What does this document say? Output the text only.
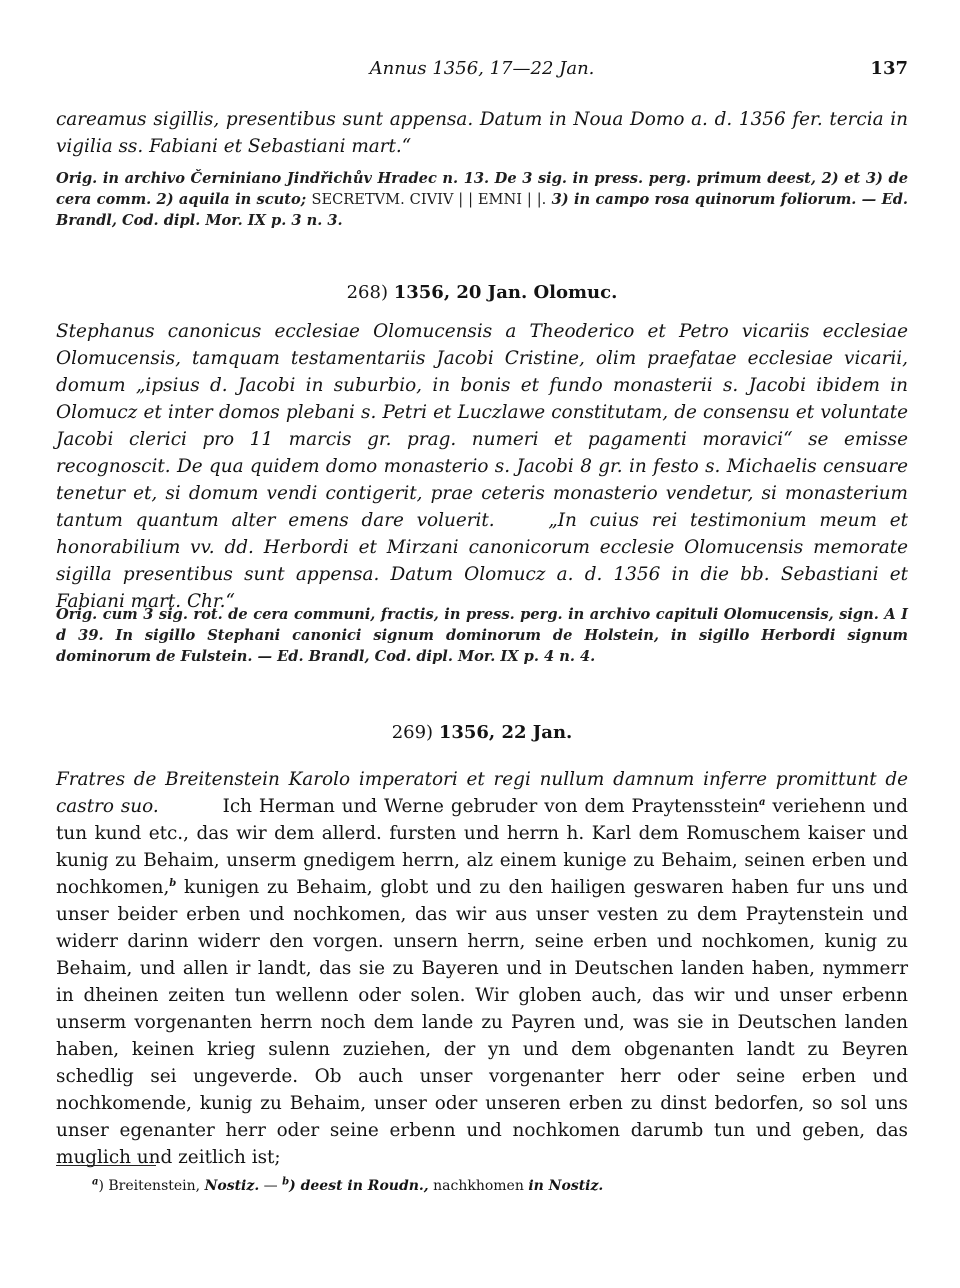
Annus 1356, 17—22 Jan.	137

careamus sigillis, presentibus sunt appensa. Datum in Noua Domo a. d. 1356 fer. tercia in vigilia ss. Fabiani et Sebastiani mart.“

Orig. in archivo Černiniano Jindřichův Hradec n. 13. De 3 sig. in press. perg. primum deest, 2) et 3) de cera comm. 2) aquila in scuto; SECRETVM. CIVIV | | EMNI | |. 3) in campo rosa quinorum foliorum. — Ed. Brandl, Cod. dipl. Mor. IX p. 3 n. 3.

268) 1356, 20 Jan. Olomuc.

Stephanus canonicus ecclesiae Olomucensis a Theoderico et Petro vicariis ecclesiae Olomucensis, tamquam testamentariis Jacobi Cristine, olim praefatae ecclesiae vicarii, domum „ipsius d. Jacobi in suburbio, in bonis et fundo monasterii s. Jacobi ibidem in Olomucz et inter domos plebani s. Petri et Luczlawe constitutam, de consensu et voluntate Jacobi clerici pro 11 marcis gr. prag. numeri et pagamenti moravici“ se emisse recognoscit. De qua quidem domo monasterio s. Jacobi 8 gr. in festo s. Michaelis censuare tenetur et, si domum vendi contigerit, prae ceteris monasterio vendetur, si monasterium tantum quantum alter emens dare voluerit.	„In cuius rei testimonium meum et honorabilium vv. dd. Herbordi et Mirzani canonicorum ecclesie Olomucensis memorate sigilla presentibus sunt appensa. Datum Olomucz a. d. 1356 in die bb. Sebastiani et Fabiani mart. Chr.“

Orig. cum 3 sig. rot. de cera communi, fractis, in press. perg. in archivo capituli Olomucensis, sign. A I d 39. In sigillo Stephani canonici signum dominorum de Holstein, in sigillo Herbordi signum dominorum de Fulstein. — Ed. Brandl, Cod. dipl. Mor. IX p. 4 n. 4.

269) 1356, 22 Jan.

Fratres de Breitenstein Karolo imperatori et regi nullum damnum inferre promittunt de castro suo.	Ich Herman und Werne gebruder von dem Praytensstein$^a$ veriehenn und tun kund etc., das wir dem allerd. fursten und herrn h. Karl dem Romuschem kaiser und kunig zu Behaim, unserm gnedigem herrn, alz einem kunige zu Behaim, seinen erben und nochkomen,$^b$ kunigen zu Behaim, globt und zu den hailigen geswaren haben fur uns und unser beider erben und nochkomen, das wir aus unser vesten zu dem Praytenstein und widerr darinn widerr den vorgen. unsern herrn, seine erben und nochkomen, kunig zu Behaim, und allen ir landt, das sie zu Bayeren und in Deutschen landen haben, nymmerr in dheinen zeiten tun wellenn oder solen. Wir globen auch, das wir und unser erbenn unserm vorgenanten herrn noch dem lande zu Payren und, was sie in Deutschen landen haben, keinen krieg sulenn zuziehen, der yn und dem obgenanten landt zu Beyren schedlig sei ungeverde. Ob auch unser vorgenanter herr oder seine erben und nochkomende, kunig zu Behaim, unser oder unseren erben zu dinst bedorfen, so sol uns unser egenanter herr oder seine erbenn und nochkomen darumb tun und geben, das muglich und zeitlich ist;

$^a$) Breitenstein, Nostiz. — $^b$) deest in Roudn., nachkhomen in Nostiz.
